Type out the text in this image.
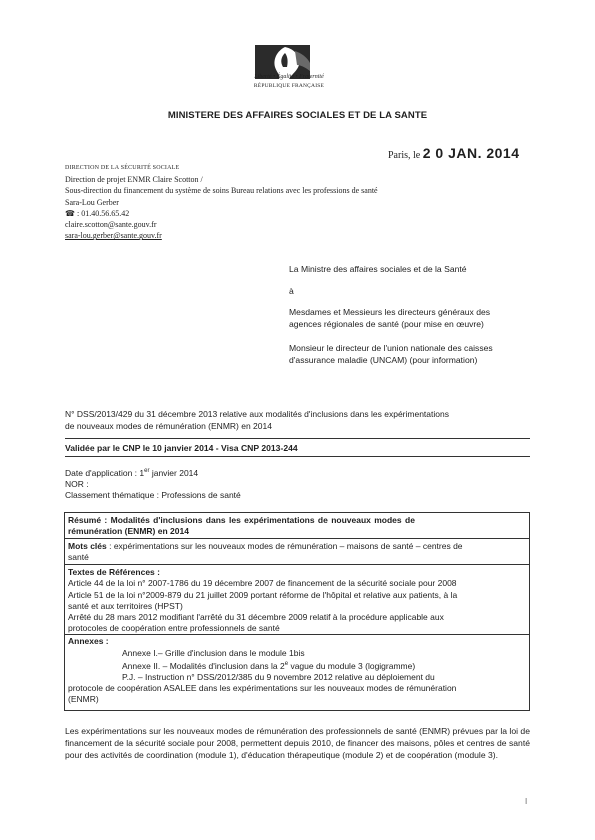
Liberté • Égalité • Fraternité
RÉPUBLIQUE FRANÇAISE
MINISTERE DES AFFAIRES SOCIALES ET DE LA SANTE
Paris, le 2 0 JAN. 2014
DIRECTION DE LA SÉCURITÉ SOCIALE
Direction de projet ENMR Claire Scotton /
Sous-direction du financement du système de soins Bureau relations avec les professions de santé
Sara-Lou Gerber
☎ : 01.40.56.65.42
claire.scotton@sante.gouv.fr
sara-lou.gerber@sante.gouv.fr
La Ministre des affaires sociales et de la Santé
à
Mesdames et Messieurs les directeurs généraux des
agences régionales de santé (pour mise en œuvre)
Monsieur le directeur de l'union nationale des caisses
d'assurance maladie (UNCAM) (pour information)
N° DSS/2013/429 du 31 décembre 2013 relative aux modalités d'inclusions dans les expérimentations
de nouveaux modes de rémunération (ENMR) en 2014
Validée par le CNP le 10 janvier 2014 - Visa CNP 2013-244
Date d'application : 1er janvier 2014
NOR :
Classement thématique : Professions de santé
Résumé : Modalités d'inclusions dans les expérimentations de nouveaux modes de
rémunération (ENMR) en 2014
Mots clés : expérimentations sur les nouveaux modes de rémunération – maisons de santé – centres de
santé
Textes de Références :
Article 44 de la loi n° 2007-1786 du 19 décembre 2007 de financement de la sécurité sociale pour 2008
Article 51 de la loi n°2009-879 du 21 juillet 2009 portant réforme de l'hôpital et relative aux patients, à la
santé et aux territoires (HPST)
Arrêté du 28 mars 2012 modifiant l'arrêté du 31 décembre 2009 relatif à la procédure applicable aux
protocoles de coopération entre professionnels de santé
Annexes :
Annexe I.– Grille d'inclusion dans le module 1bis
Annexe II. – Modalités d'inclusion dans la 2e vague du module 3 (logigramme)
P.J. – Instruction n° DSS/2012/385 du 9 novembre 2012 relative au déploiement du
protocole de coopération ASALEE dans les expérimentations sur les nouveaux modes de rémunération
(ENMR)
Les expérimentations sur les nouveaux modes de rémunération des professionnels de santé (ENMR) prévues par la loi de financement de la sécurité sociale pour 2008, permettent depuis 2010, de financer des maisons, pôles et centres de santé pour des activités de coordination (module 1), d'éducation thérapeutique (module 2) et de coopération (module 3).
I
